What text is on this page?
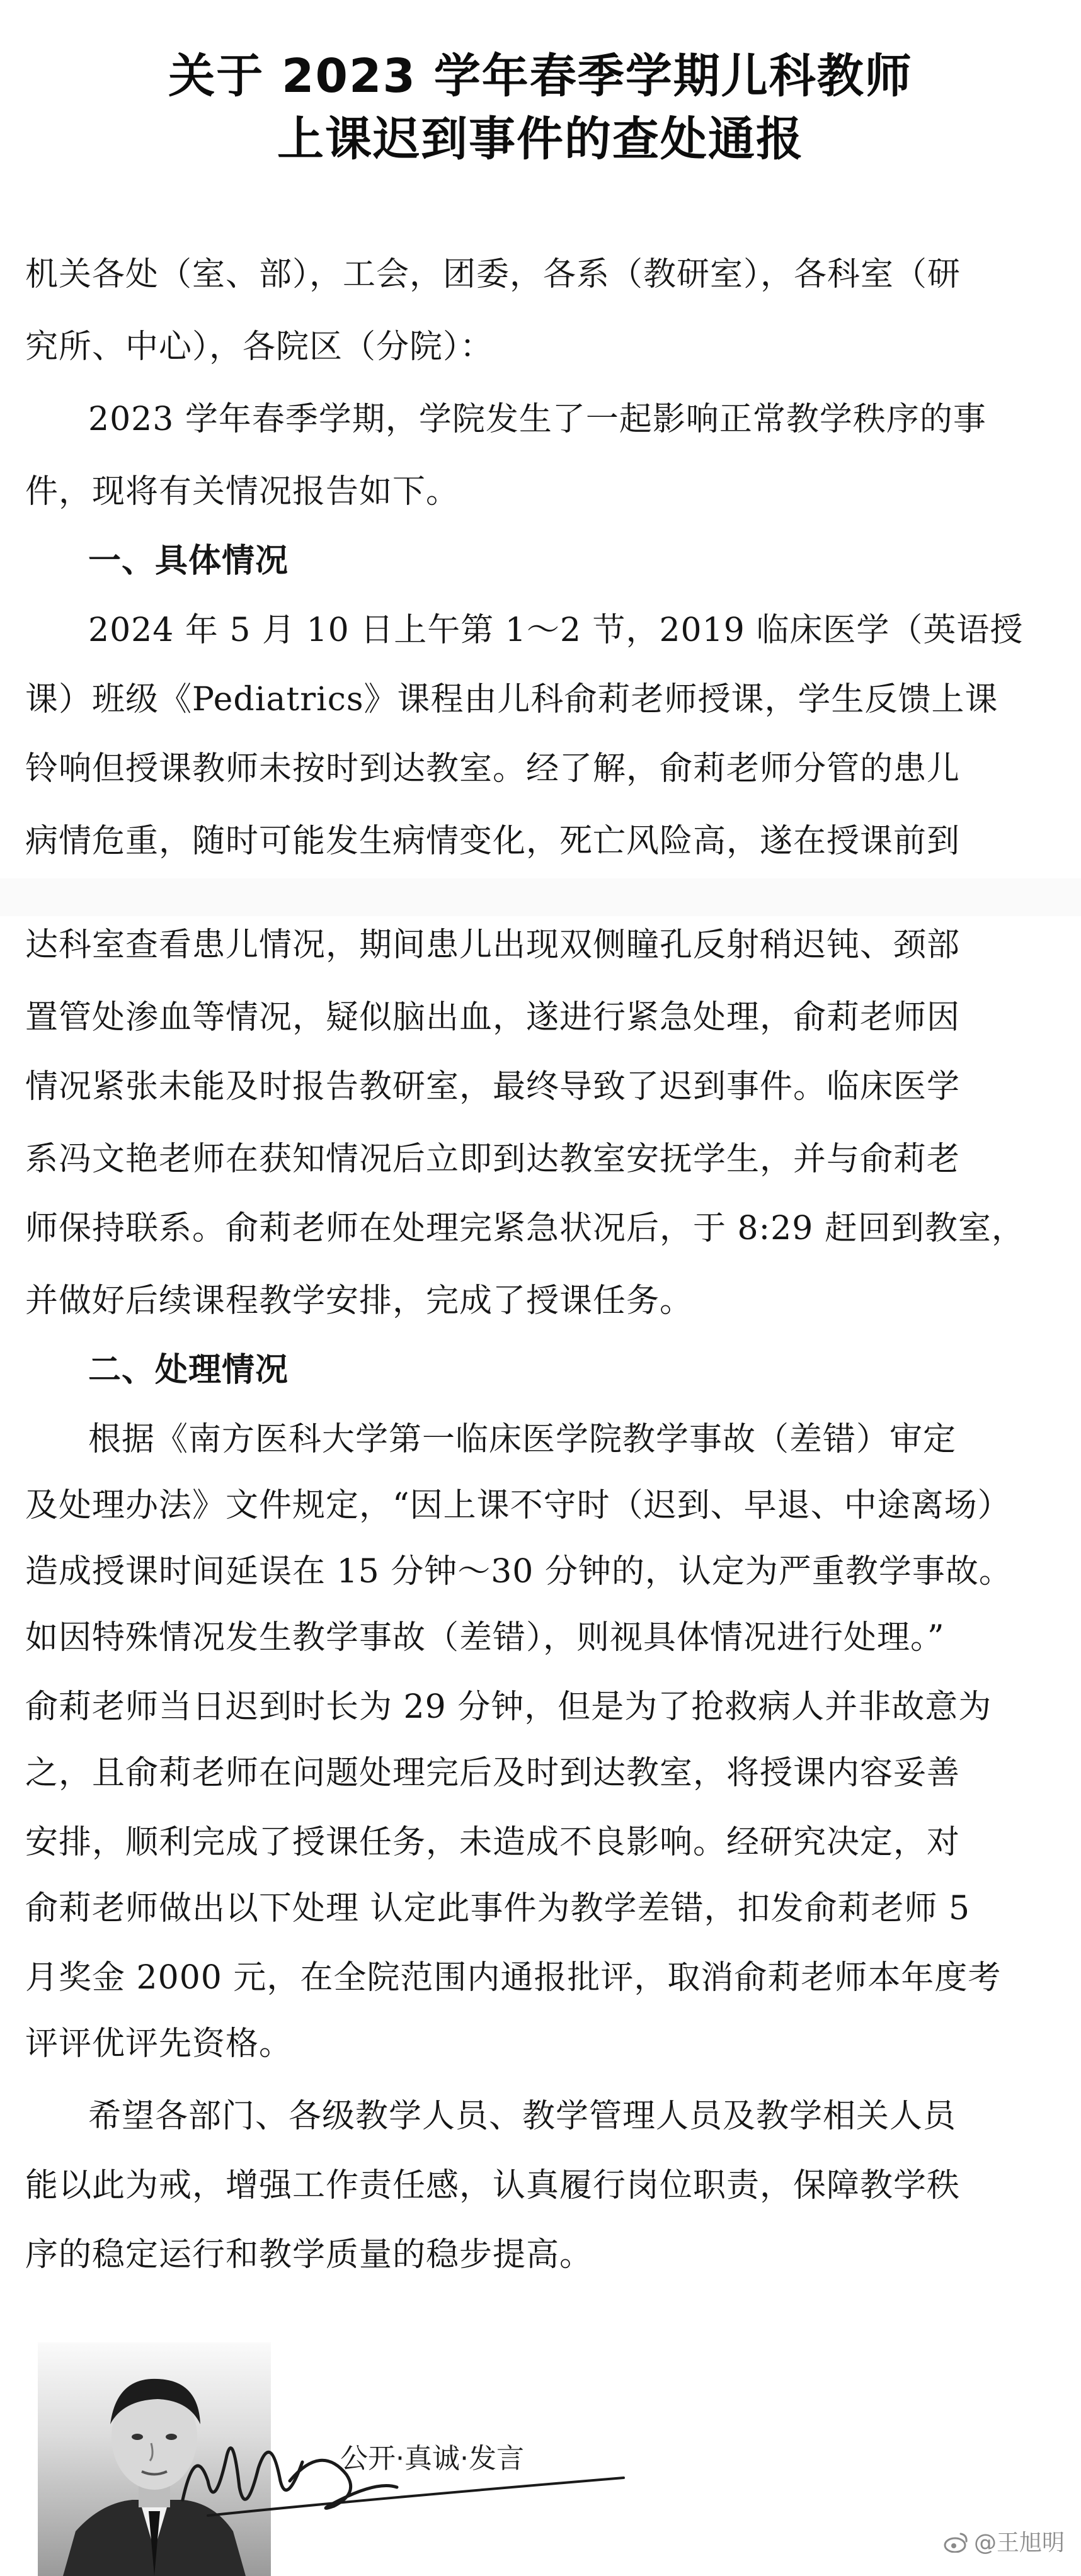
关于 2023 学年春季学期儿科教师
上课迟到事件的查处通报
机关各处（室、部），工会，团委，各系（教研室），各科室（研
究所、中心），各院区（分院）：
2023 学年春季学期，学院发生了一起影响正常教学秩序的事
件，现将有关情况报告如下。
一、具体情况
2024 年 5 月 10 日上午第 1～2 节，2019 临床医学（英语授
课）班级《Pediatrics》课程由儿科俞莉老师授课，学生反馈上课
铃响但授课教师未按时到达教室。经了解，俞莉老师分管的患儿
病情危重，随时可能发生病情变化，死亡风险高，遂在授课前到
达科室查看患儿情况，期间患儿出现双侧瞳孔反射稍迟钝、颈部
置管处渗血等情况，疑似脑出血，遂进行紧急处理，俞莉老师因
情况紧张未能及时报告教研室，最终导致了迟到事件。临床医学
系冯文艳老师在获知情况后立即到达教室安抚学生，并与俞莉老
师保持联系。俞莉老师在处理完紧急状况后，于 8:29 赶回到教室，
并做好后续课程教学安排，完成了授课任务。
二、处理情况
根据《南方医科大学第一临床医学院教学事故（差错）审定
及处理办法》文件规定，“因上课不守时（迟到、早退、中途离场）
造成授课时间延误在 15 分钟～30 分钟的，认定为严重教学事故。
如因特殊情况发生教学事故（差错），则视具体情况进行处理。”
俞莉老师当日迟到时长为 29 分钟，但是为了抢救病人并非故意为
之，且俞莉老师在问题处理完后及时到达教室，将授课内容妥善
安排，顺利完成了授课任务，未造成不良影响。经研究决定，对
俞莉老师做出以下处理 认定此事件为教学差错，扣发俞莉老师 5
月奖金 2000 元，在全院范围内通报批评，取消俞莉老师本年度考
评评优评先资格。
希望各部门、各级教学人员、教学管理人员及教学相关人员
能以此为戒，增强工作责任感，认真履行岗位职责，保障教学秩
序的稳定运行和教学质量的稳步提高。
公开·真诚·发言
@王旭明
